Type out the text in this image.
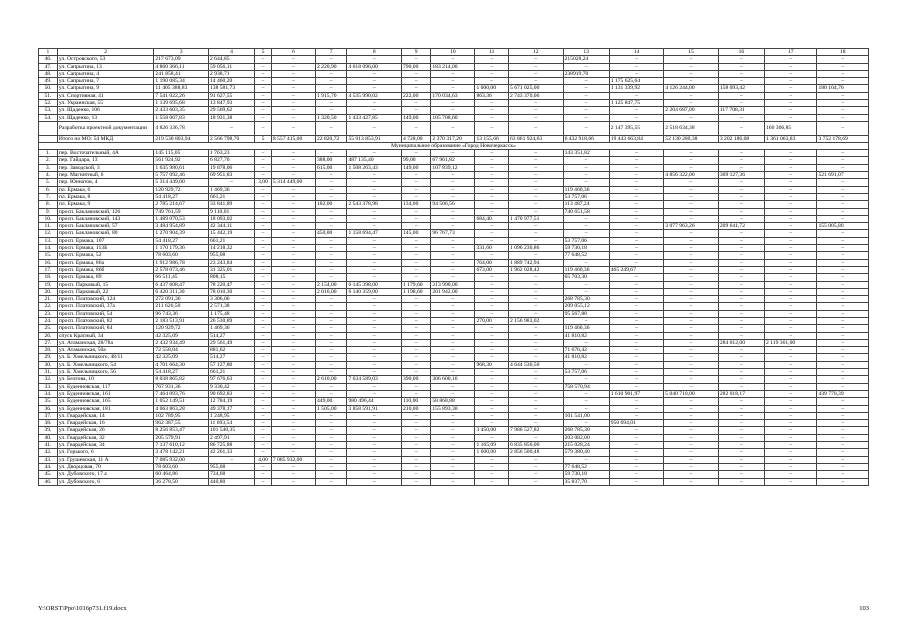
1	2	3	4	5	6	7	8	9	10	11	12	13	14	15	16	17	18
46.	ул. Островского, 53	217 673,09	2 644,85	–	–	–	–	–	–	–	–	215028,24	–	–	–	–	–
47.	ул. Сапрыгина, 13	4 860 366,11	59 056,11	–	–	2 220,90	4 618 096,00	790,00	183 214,00	–	–	–	–	–	–	–	–
48.	ул. Сапрыгина, 4	241 858,41	2 938,71	–	–	–	–	–	–	–	–	238919,70	–	–	–	–	–
49.	ул. Сапрыгина, 7	1 190 085,34	14 460,20	–	–	–	–	–	–	–	–	–	1 175 625,64	–	–	–	–
50.	ул. Сапрыгина, 9	11 405 388,83	138 581,73	–	–	–	–	–	–	1 000,00	5 671 025,00	–	1 131 339,92	4 126 244,00	158 093,42	–	180 104,76
51.	ул. Спортивная, 41	7 541 022,26	91 627,55	–	–	1 915,70	4 535 990,02	222,00	170 034,63	863,36	2 743 370,06	–	–	–	–	–	–
52.	ул. Украинская, 55	1 139 695,68	13 847,93	–	–	–	–	–	–	–	–	–	1 125 847,75	–	–	–	–
53.	ул. Щаденко, 106	2 433 603,35	29 569,62	–	–	–	–	–	–	–	–	–	–	2 204 687,00	117 708,31	–	–
54.	ул. Щаденко, 13	1 558 067,83	18 931,38	–	–	1 320,50	1 433 427,85	149,00	105 708,60	–	–	–	–	–	–	–	–
	Разработка проектной документации	4 826 336,78	–	–	–	–	–	–	–	–	–	–	2 147 395,55	2 518 634,38	–	160 306,85	–
	Итого по МО: 54 МКД	219 530 803,94	2 566 798,70	5	8 557 415,00	22 820,72	55 913 853,91	4 728,00	2 370 317,20	13 155,66	63 861 924,63	6 432 918,66	19 443 663,84	52 130 280,38	3 202 186,08	1 361 063,83	3 752 178,69
Муниципальное образование «Город Новочеркасск»																	
1.	пер. Восточательный, 4А	145 115,05	1 763,23	–	–	–	–	–	–	–	–	143 351,82	–	–	–	–	–
2.	пер. Гайдара, 13	561 924,92	6 827,70	–	–	388,00	487 135,40	99,00	67 961,82	–	–	–	–	–	–	–	–
3.	пер. Заводской, 3	1 635 980,61	19 878,06	–	–	615,00	1 508 263,43	149,00	107 839,12	–	–	–	–	–	–	–	–
4.	пер. Магнитный, 6	5 757 092,46	69 951,83	–	–	–	–	–	–	–	–	–	–	4 856 322,00	309 127,36	–	521 691,07
5.	пер. Юннатов, 4	5 314 449,00	–	3,00	5 314 449,00	–	–	–	–	–	–	–	–	–	–	–	–
6.	пл. Ермака, 6	120 929,72	1 469,36	–	–	–	–	–	–	–	–	119 460,36	–	–	–	–	–
7.	пл. Ермака, 8	54 418,27	661,21	–	–	–	–	–	–	–	–	53 757,06	–	–	–	–	–
8.	пл. Ермака, 9	2 785 214,67	33 841,89	–	–	182,00	2 543 378,98	134,00	94 506,56	–	–	113 487,24	–	–	–	–	–
9.	просп. Баклановский, 126	749 761,59	9 110,01	–	–	–	–	–	–	–	–	740 651,58	–	–	–	–	–
10.	просп. Баклановский, 143	1 489 070,53	18 093,02	–	–	–	–	–	–	684,40	1 470 977,51	–	–	–	–	–	–
11.	просп. Баклановский, 57	3 484 954,89	42 344,11	–	–	–	–	–	–	–	–	–	–	3 077 963,26	209 641,72	–	155 005,80
12.	просп. Баклановский, 80	1 270 904,39	15 442,19	–	–	450,00	1 158 694,47	145,00	96 767,73	–	–	–	–	–	–	–	–
13.	просп. Ермака, 107	54 418,27	661,21	–	–	–	–	–	–	–	–	53 757,06	–	–	–	–	–
14.	просп. Ермака, 113Б	1 170 179,36	14 218,32	–	–	–	–	–	–	331,60	1 096 230,86	59 730,18	–	–	–	–	–
15.	просп. Ермака, 52	78 603,60	955,08	–	–	–	–	–	–	–	–	77 648,52	–	–	–	–	–
16.	просп. Ермака, 86а	1 912 986,78	23 243,84	–	–	–	–	–	–	764,00	1 889 742,94	–	–	–	–	–	–
17.	просп. Ермака, 86б	2 578 073,46	31 325,01	–	–	–	–	–	–	673,00	1 962 028,42	119 460,36	465 249,67	–	–	–	–
18.	просп. Ермака, 89	66 511,45	808,15	–	–	–	–	–	–	–	–	65 703,30	–	–	–	–	–
19.	просп. Парковый, 15	6 437 608,47	78 220,47	–	–	2 154,00	6 145 398,00	1 179,60	213 990,00	–	–	–	–	–	–	–	–
20.	просп. Парковый, 22	6 420 311,30	78 010,30	–	–	2 016,00	6 140 359,00	1 198,60	201 942,00	–	–	–	–	–	–	–	–
21.	просп. Платовский, 124	272 091,36	3 306,06	–	–	–	–	–	–	–	–	268 785,30	–	–	–	–	–
22.	просп. Платовский, 37а	211 626,50	2 571,38	–	–	–	–	–	–	–	–	209 055,12	–	–	–	–	–
23.	просп. Платовский, 54	96 743,36	1 175,48	–	–	–	–	–	–	–	–	95 567,88	–	–	–	–	–
24.	просп. Платовский, 82	2 183 513,91	26 530,89	–	–	–	–	–	–	270,00	2 156 983,02	–	–	–	–	–	–
25.	просп. Платовский, 84	120 929,72	1 469,36	–	–	–	–	–	–	–	–	119 460,36	–	–	–	–	–
26.	спуск Красный, 34	42 325,09	514,27	–	–	–	–	–	–	–	–	41 810,82	–	–	–	–	–
27.	ул. Атаманская, 28/78а	2 432 934,49	29 561,49	–	–	–	–	–	–	–	–	–	–	–	284 012,00	2 119 361,00	–
28.	ул. Атаманская, 50а	72 558,04	881,62	–	–	–	–	–	–	–	–	71 676,42	–	–	–	–	–
29.	ул. Б. Хмельницкого, 48/11	42 325,09	514,27	–	–	–	–	–	–	–	–	41 810,82	–	–	–	–	–
30.	ул. Б. Хмельницкого, 54	4 701 664,30	57 127,80	–	–	–	–	–	–	968,30	4 644 536,50	–	–	–	–	–	–
31.	ул. Б. Хмельницкого, 56	54 418,27	661,21	–	–	–	–	–	–	–	–	53 757,06	–	–	–	–	–
32.	ул. Белгова, 10	8 038 865,82	97 676,63	–	–	2 610,00	7 634 589,03	390,00	306 600,16	–	–	–	–	–	–	–	–
33.	ул. Буденновская, 117	767 931,36	9 330,42	–	–	–	–	–	–	–	–	758 570,94	–	–	–	–	–
34.	ул. Буденновская, 161	7 464 093,76	90 692,83	–	–	–	–	–	–	–	–	–	1 610 901,97	5 040 710,00	282 018,17	–	439 770,39
35.	ул. Буденновская, 165	1 052 149,51	12 784,19	–	–	449,00	980 496,44	110,00	58 868,88	–	–	–	–	–	–	–	–
36.	ул. Буденновская, 181	4 063 863,28	49 378,17	–	–	1 505,00	3 858 591,91	210,00	155 893,30	–	–	–	–	–	–	–	–
37.	ул. Гвардейская, 14	102 789,95	1 248,95	–	–	–	–	–	–	–	–	101 541,00	–	–	–	–	–
38.	ул. Гвардейская, 16	962 387,55	11 693,54	–	–	–	–	–	–	–	–	–	950 694,01	–	–	–	–
39.	ул. Гвардейская, 26	8 256 853,47	101 540,35	–	–	–	–	–	–	3 450,00	7 986 527,82	268 785,30	–	–	–	–	–
40.	ул. Гвардейская, 32	205 579,91	2 497,91	–	–	–	–	–	–	–	–	203 082,00	–	–	–	–	–
41.	ул. Гвардейская, 34	7 137 610,12	86 725,88	–	–	–	–	–	–	1 165,09	6 835 856,00	215 028,24	–	–	–	–	–
42.	ул. Горького, 6	3 478 142,21	42 261,33	–	–	–	–	–	–	1 600,00	2 856 500,48	579 380,40	–	–	–	–	–
43.	ул. Грушевская, 11 А	7 085 932,00	–	4,00	7 085 932,00	–	–	–	–	–	–	–	–	–	–	–	–
44.	ул. Дворцовая, 70	78 603,60	955,08	–	–	–	–	–	–	–	–	77 648,52	–	–	–	–	–
45.	ул. Дубовского, 17 а	60 464,86	734,68	–	–	–	–	–	–	–	–	59 730,18	–	–	–	–	–
46.	ул. Дубовского, 6	36 278,50	440,80	–	–	–	–	–	–	–	–	35 837,70	–	–	–	–	–
Y:\ORST\Ppo\1016p731.f19.docx	103
